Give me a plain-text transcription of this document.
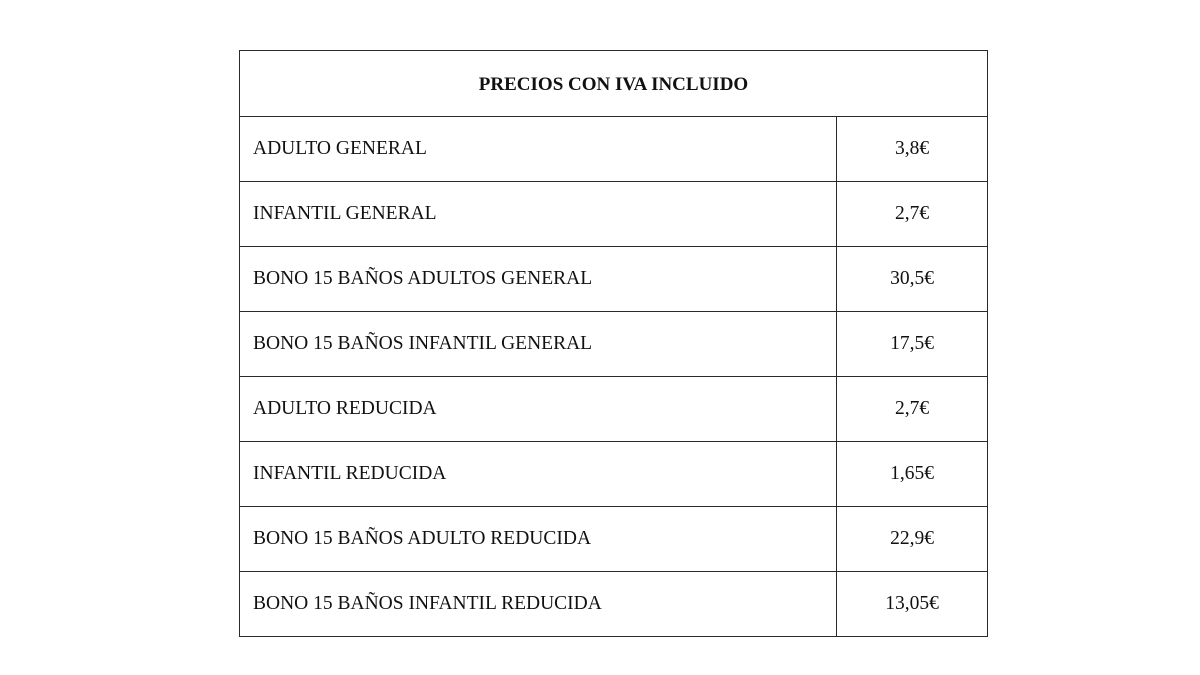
PRECIOS CON IVA INCLUIDO	
ADULTO GENERAL	3,8€
INFANTIL GENERAL	2,7€
BONO 15 BAÑOS ADULTOS GENERAL	30,5€
BONO 15 BAÑOS INFANTIL GENERAL	17,5€
ADULTO REDUCIDA	2,7€
INFANTIL REDUCIDA	1,65€
BONO 15 BAÑOS ADULTO REDUCIDA	22,9€
BONO 15 BAÑOS INFANTIL REDUCIDA	13,05€
